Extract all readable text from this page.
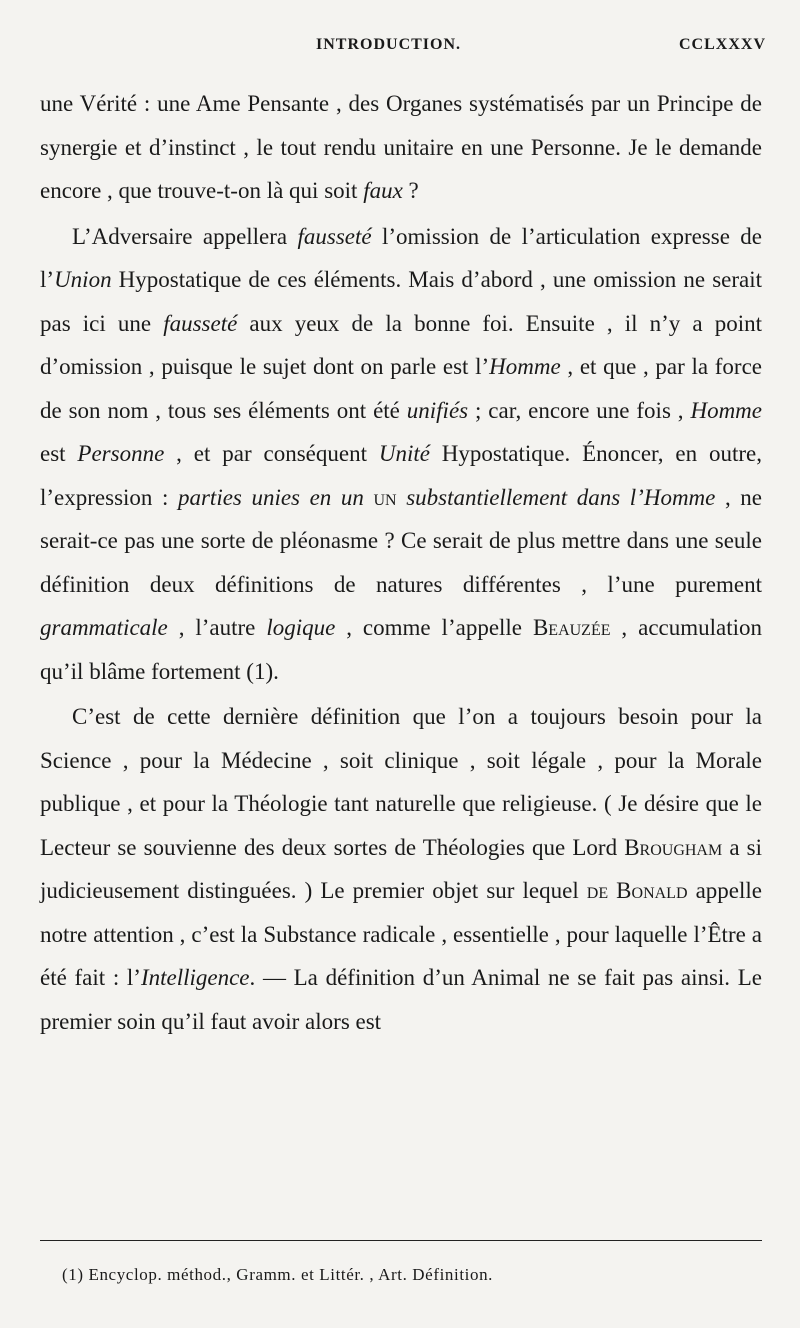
INTRODUCTION.	CCLXXXV

une Vérité : une Ame Pensante , des Organes systématisés par un Principe de synergie et d’instinct , le tout rendu unitaire en une Personne. Je le demande encore , que trouve-t-on là qui soit faux ?

L’Adversaire appellera fausseté l’omission de l’articulation expresse de l’Union Hypostatique de ces éléments. Mais d’abord , une omission ne serait pas ici une fausseté aux yeux de la bonne foi. Ensuite , il n’y a point d’omission , puisque le sujet dont on parle est l’Homme , et que , par la force de son nom , tous ses éléments ont été unifiés ; car, encore une fois , Homme est Personne , et par conséquent Unité Hypostatique. Énoncer, en outre, l’expression : parties unies en un un substantiellement dans l’Homme , ne serait-ce pas une sorte de pléonasme ? Ce serait de plus mettre dans une seule définition deux définitions de natures différentes , l’une purement grammaticale , l’autre logique , comme l’appelle Beauzée , accumulation qu’il blâme fortement (1).

C’est de cette dernière définition que l’on a toujours besoin pour la Science , pour la Médecine , soit clinique , soit légale , pour la Morale publique , et pour la Théologie tant naturelle que religieuse. ( Je désire que le Lecteur se souvienne des deux sortes de Théologies que Lord Brougham a si judicieusement distinguées. ) Le premier objet sur lequel de Bonald appelle notre attention , c’est la Substance radicale , essentielle , pour laquelle l’Être a été fait : l’Intelligence. — La définition d’un Animal ne se fait pas ainsi. Le premier soin qu’il faut avoir alors est

(1) Encyclop. méthod., Gramm. et Littér. , Art. Définition.
